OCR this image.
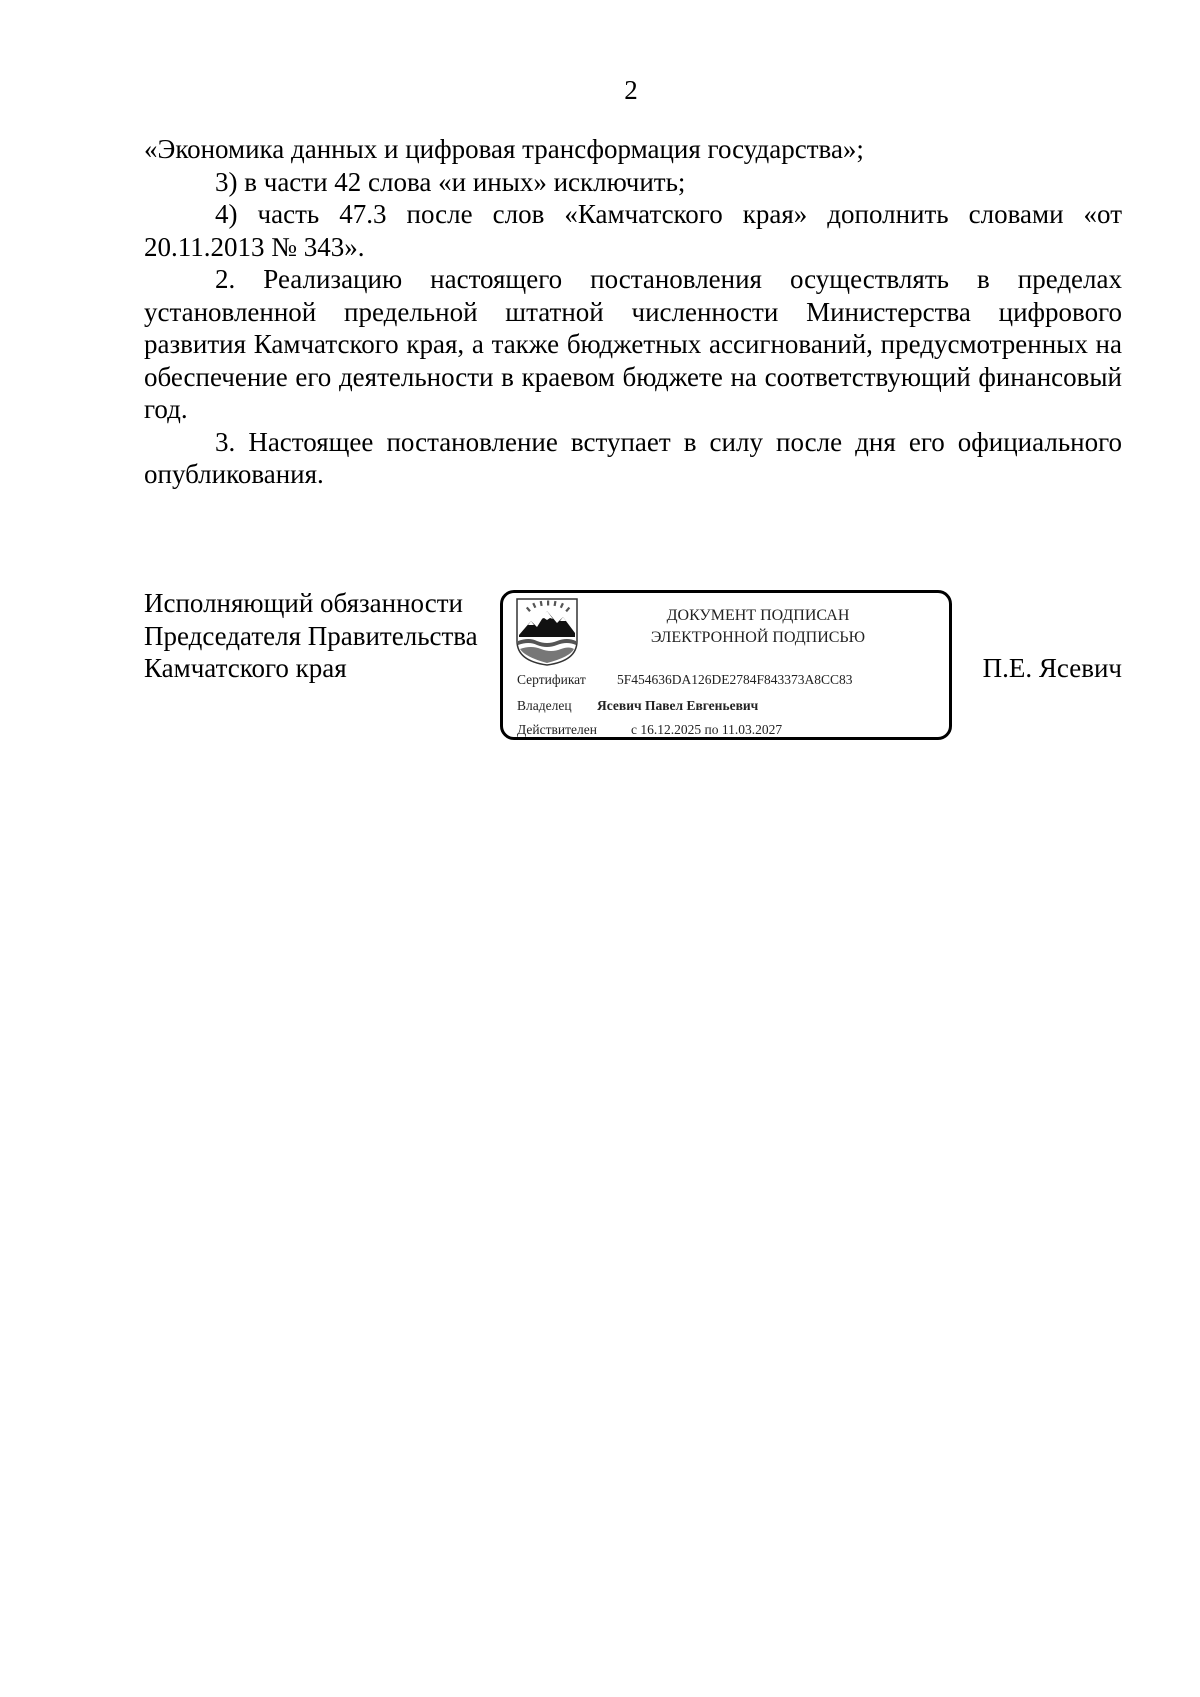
2

«Экономика данных и цифровая трансформация государства»;

3) в части 42 слова «и иных» исключить;

4) часть 47.3 после слов «Камчатского края» дополнить словами «от 20.11.2013 № 343».

2. Реализацию настоящего постановления осуществлять в пределах установленной предельной штатной численности Министерства цифрового развития Камчатского края, а также бюджетных ассигнований, предусмотренных на обеспечение его деятельности в краевом бюджете на соответствующий финансовый год.

3. Настоящее постановление вступает в силу после дня его официального опубликования.

Исполняющий обязанности
Председателя Правительства
Камчатского края
ДОКУМЕНТ ПОДПИСАН
ЭЛЕКТРОННОЙ ПОДПИСЬЮ
Сертификат 5F454636DA126DE2784F843373A8CC83
Владелец Ясевич Павел Евгеньевич
Действителен	с 16.12.2025 по 11.03.2027
П.Е. Ясевич
